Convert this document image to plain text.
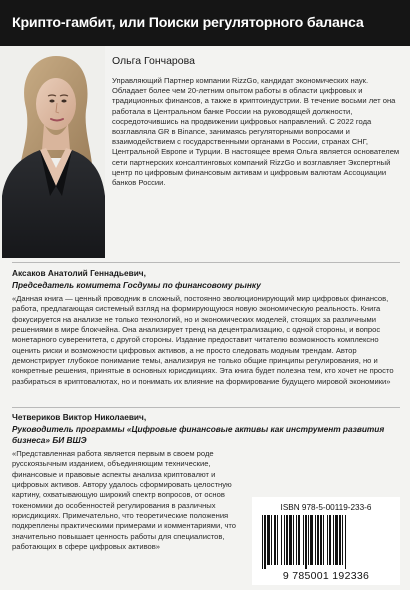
Крипто-гамбит, или Поиски регуляторного баланса
Ольга Гончарова

Управляющий Партнер компании RizzGo, кандидат экономических наук. Обладает более чем 20-летним опытом работы в области цифровых и традиционных финансов, а также в криптоиндустрии. В течение восьми лет она работала в Центральном банке России на руководящей должности, сосредоточившись на продвижении цифровых направлений. С 2022 года возглавляла GR в Binance, занимаясь регуляторными вопросами и взаимодействием с государственными органами в России, странах СНГ, Центральной Европе и Турции. В настоящее время Ольга является основателем сети партнерских консалтинговых компаний RizzGo и возглавляет Экспертный центр по цифровым финансовым активам и цифровым валютам Ассоциации банков России.

Аксаков Анатолий Геннадьевич,

Председатель комитета Госдумы по финансовому рынку

«Данная книга — ценный проводник в сложный, постоянно эволюционирующий мир цифровых финансов, работа, предлагающая системный взгляд на формирующуюся новую экономическую реальность. Книга фокусируется на анализе не только технологий, но и экономических моделей, стоящих за различными решениями в мире блокчейна. Она анализирует тренд на децентрализацию, с одной стороны, и вопрос монетарного суверенитета, с другой стороны. Издание предоставит читателю возможность комплексно оценить риски и возможности цифровых активов, а не просто следовать модным трендам. Автор демонстрирует глубокое понимание темы, анализируя не только общие принципы регулирования, но и конкретные решения, принятые в основных юрисдикциях. Эта книга будет полезна тем, кто хочет не просто разбираться в криптовалютах, но и понимать их влияние на формирование будущего мировой экономики»

Четвериков Виктор Николаевич,

Руководитель программы «Цифровые финансовые активы как инструмент развития бизнеса» БИ ВШЭ

«Представленная работа является первым в своем роде русскоязычным изданием, объединяющим технические, финансовые и правовые аспекты анализа криптовалют и цифровых активов. Автору удалось сформировать целостную картину, охватывающую широкий спектр вопросов, от основ токеномики до особенностей регулирования в различных юрисдикциях. Примечательно, что теоретические положения подкреплены практическими примерами и комментариями, что значительно повышает ценность работы для специалистов, работающих в сфере цифровых активов»

ISBN 978-5-00119-233-6
9 785001 192336
